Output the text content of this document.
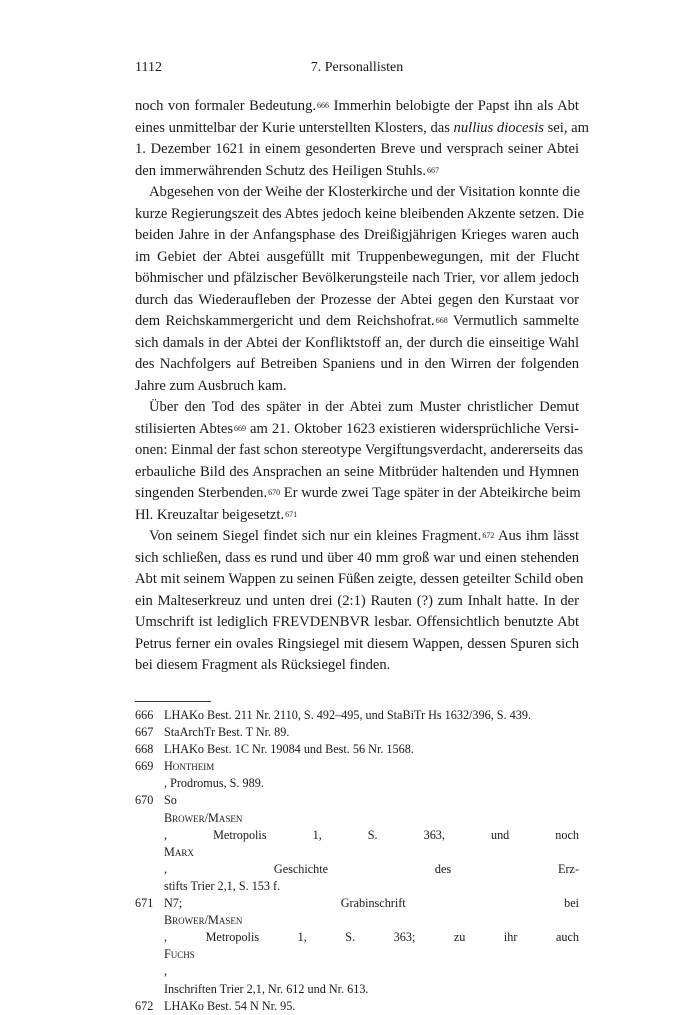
1112	7. Personallisten
noch von formaler Bedeutung.$^{666}$ Immerhin belobigte der Papst ihn als Abt
eines unmittelbar der Kurie unterstellten Klosters, das nullius diocesis sei, am
1. Dezember 1621 in einem gesonderten Breve und versprach seiner Abtei
den immerwährenden Schutz des Heiligen Stuhls.$^{667}$
Abgesehen von der Weihe der Klosterkirche und der Visitation konnte die
kurze Regierungszeit des Abtes jedoch keine bleibenden Akzente setzen. Die
beiden Jahre in der Anfangsphase des Dreißigjährigen Krieges waren auch
im Gebiet der Abtei ausgefüllt mit Truppenbewegungen, mit der Flucht
böhmischer und pfälzischer Bevölkerungsteile nach Trier, vor allem jedoch
durch das Wiederaufleben der Prozesse der Abtei gegen den Kurstaat vor
dem Reichskammergericht und dem Reichshofrat.$^{668}$ Vermutlich sammelte
sich damals in der Abtei der Konfliktstoff an, der durch die einseitige Wahl
des Nachfolgers auf Betreiben Spaniens und in den Wirren der folgenden
Jahre zum Ausbruch kam.
Über den Tod des später in der Abtei zum Muster christlicher Demut
stilisierten Abtes$^{669}$ am 21. Oktober 1623 existieren widersprüchliche Versi-
onen: Einmal der fast schon stereotype Vergiftungsverdacht, andererseits das
erbauliche Bild des Ansprachen an seine Mitbrüder haltenden und Hymnen
singenden Sterbenden.$^{670}$ Er wurde zwei Tage später in der Abteikirche beim
Hl. Kreuzaltar beigesetzt.$^{671}$
Von seinem Siegel findet sich nur ein kleines Fragment.$^{672}$ Aus ihm lässt
sich schließen, dass es rund und über 40 mm groß war und einen stehenden
Abt mit seinem Wappen zu seinen Füßen zeigte, dessen geteilter Schild oben
ein Malteserkreuz und unten drei (2:1) Rauten (?) zum Inhalt hatte. In der
Umschrift ist lediglich FREVDENBVR lesbar. Offensichtlich benutzte Abt
Petrus ferner ein ovales Ringsiegel mit diesem Wappen, dessen Spuren sich
bei diesem Fragment als Rücksiegel finden.
666 LHAKo Best. 211 Nr. 2110, S. 492–495, und StaBiTr Hs 1632/396, S. 439.
667 StaArchTr Best. T Nr. 89.
668 LHAKo Best. 1C Nr. 19084 und Best. 56 Nr. 1568.
669 Hontheim
, Prodromus, S. 989.
670 So
Brower/Masen
, Metropolis 1, S. 363, und noch
Marx
, Geschichte des Erz-
stifts Trier 2,1, S. 153 f.
671 N7; Grabinschrift bei
Brower/Masen
, Metropolis 1, S. 363; zu ihr auch
Fuchs
,
Inschriften Trier 2,1, Nr. 612 und Nr. 613.
672 LHAKo Best. 54 N Nr. 95.
